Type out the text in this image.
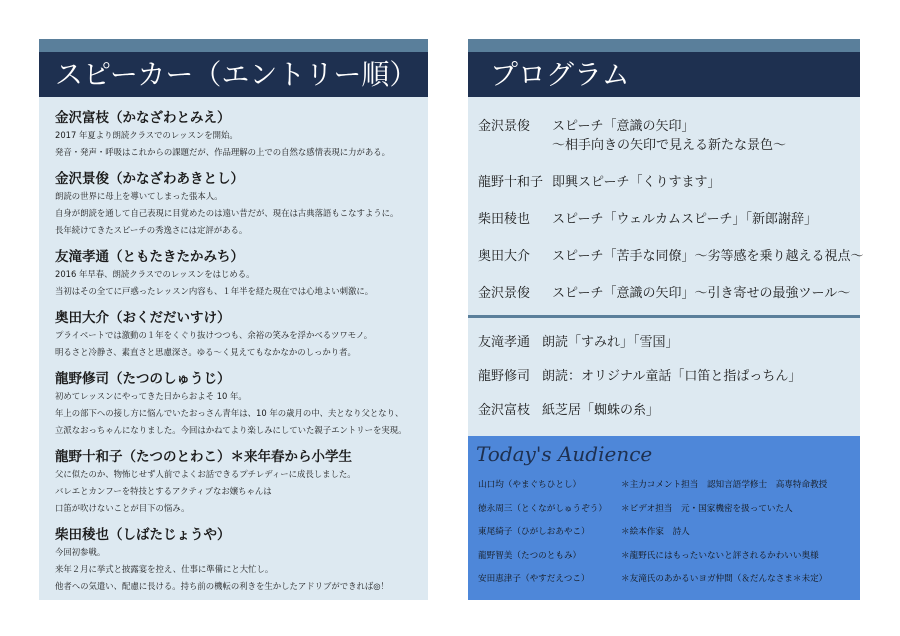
スピーカー（エントリー順）
金沢富枝（かなざわとみえ）
2017 年夏より朗読クラスでのレッスンを開始。
発音・発声・呼吸はこれからの課題だが、作品理解の上での自然な感情表現に力がある。
金沢景俊（かなざわあきとし）
朗読の世界に母上を導いてしまった張本人。
自身が朗読を通して自己表現に目覚めたのは遠い昔だが、現在は古典落語もこなすように。
長年続けてきたスピーチの秀逸さには定評がある。
友滝孝通（ともたきたかみち）
2016 年早春、朗読クラスでのレッスンをはじめる。
当初はその全てに戸惑ったレッスン内容も、１年半を経た現在では心地よい刺激に。
奥田大介（おくだだいすけ）
プライベートでは激動の１年をくぐり抜けつつも、余裕の笑みを浮かべるツワモノ。
明るさと冷静さ、素直さと思慮深さ。ゆる〜く見えてもなかなかのしっかり者。
龍野修司（たつのしゅうじ）
初めてレッスンにやってきた日からおよそ 10 年。
年上の部下への接し方に悩んでいたおっさん青年は、10 年の歳月の中、夫となり父となり、
立派なおっちゃんになりました。今回はかねてより楽しみにしていた親子エントリーを実現。
龍野十和子（たつのとわこ）＊来年春から小学生
父に似たのか、物怖じせず人前でよくお話できるプチレディーに成長しました。
バレエとカンフーを特技とするアクティブなお嬢ちゃんは
口笛が吹けないことが目下の悩み。
柴田稜也（しばたじょうや）
今回初参戦。
来年２月に挙式と披露宴を控え、仕事に準備にと大忙し。
他者への気遣い、配慮に長ける。持ち前の機転の利きを生かしたアドリブができれば◎！
プログラム
金沢景俊	スピーチ「意識の矢印」
〜相手向きの矢印で見える新たな景色〜
龍野十和子 即興スピーチ「くりすます」
柴田稜也	スピーチ「ウェルカムスピーチ」「新郎謝辞」
奥田大介	スピーチ「苦手な同僚」〜劣等感を乗り越える視点〜
金沢景俊	スピーチ「意識の矢印」〜引き寄せの最強ツール〜
友滝孝通 朗読「すみれ」「雪国」
龍野修司 朗読：オリジナル童話「口笛と指ぱっちん」
金沢富枝 紙芝居「蜘蛛の糸」
Today's Audience
山口均（やまぐちひとし）	＊主力コメント担当　認知言語学修士　高専特命教授
徳永周三（とくながしゅうぞう）	＊ビデオ担当　元・国家機密を扱っていた人
東尾綺子（ひがしおあやこ）	＊絵本作家　詩人
龍野智美（たつのともみ）	＊龍野氏にはもったいないと評されるかわいい奥様
安田恵津子（やすだえつこ）	＊友滝氏のあかるいヨガ仲間（＆だんなさま＊未定）
